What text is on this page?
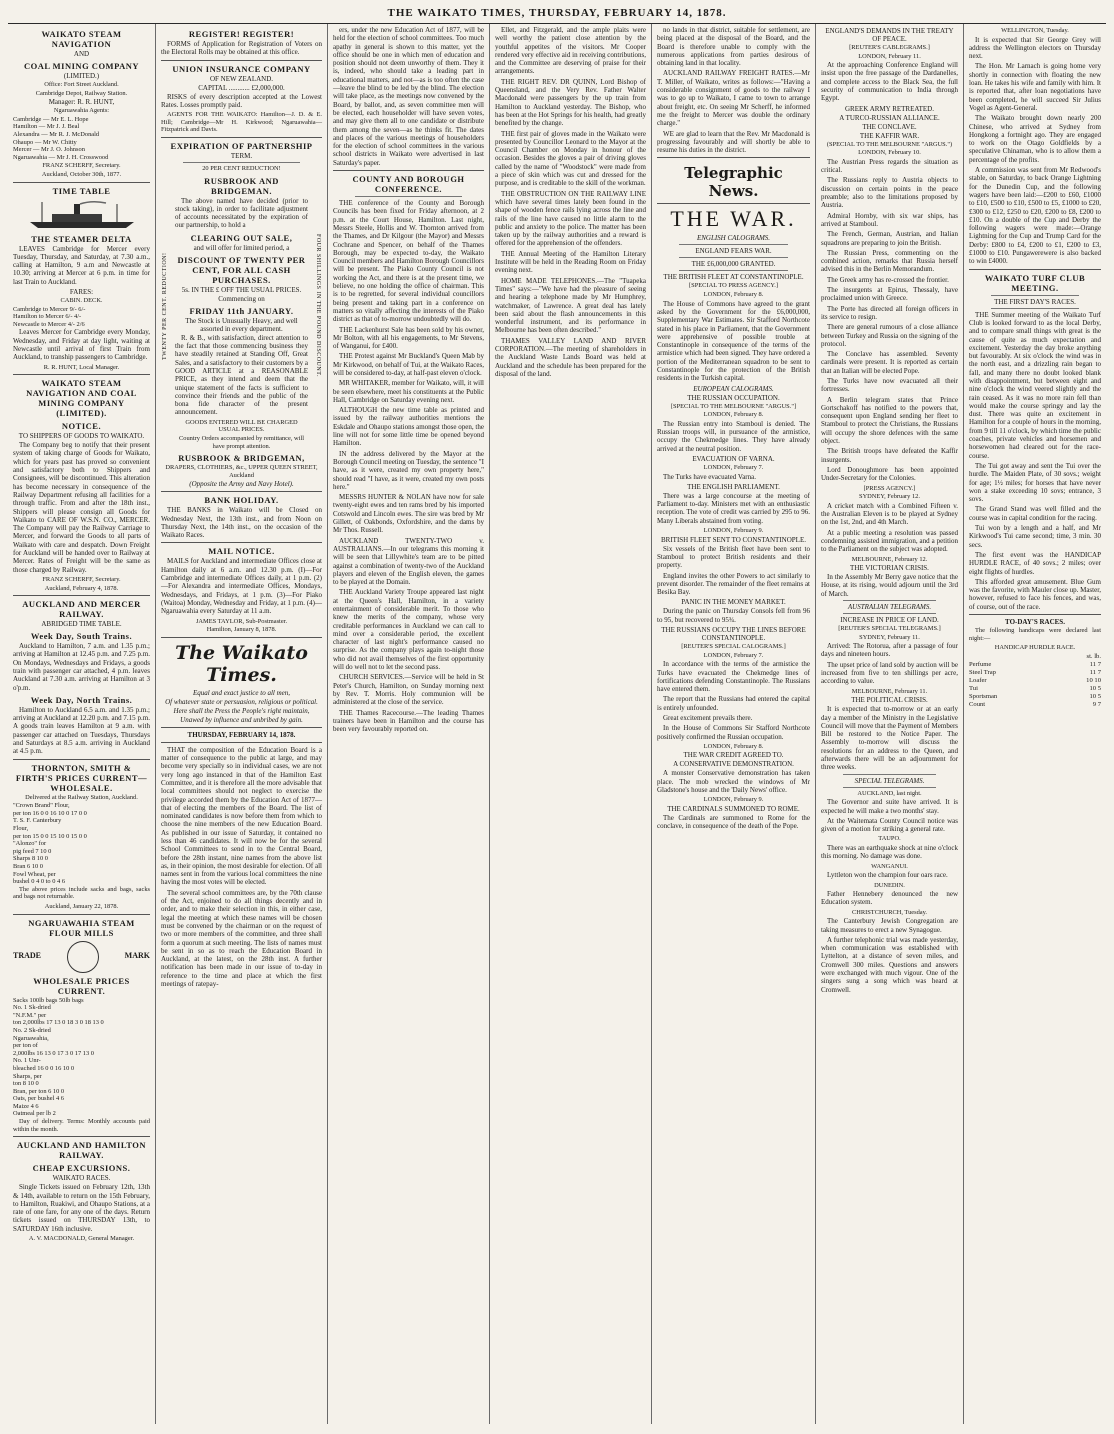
THE WAIKATO TIMES, THURSDAY, FEBRUARY 14, 1878.
WAIKATO STEAM NAVIGATION
AND
COAL MINING COMPANY
(LIMITED.)
Office: Fort Street Auckland.
Cambridge Depot, Railway Station.
Manager: R. R. HUNT,
Ngaruawahia Agents:
Cambridge — Mr E. L. Hope
Hamilton — Mr J. J. Beal
Alexandra — Mr R. J. McDonald
Ohaupo — Mr W. Chitty
Mercer — Mr J. O. Johnson
Ngaruawahia — Mr J. H. Crosswood
FRANZ SCHERFF, Secretary.
Auckland, October 30th, 1877.
TIME TABLE
THE STEAMER DELTA

LEAVES Cambridge for Mercer every Tuesday, Thursday, and Saturday, at 7.30 a.m., calling at Hamilton, 9 a.m and Newcastle at 10.30; arriving at Mercer at 6 p.m. in time for last Train to Auckland.

FARES:
CABIN. DECK.
Cambridge to Mercer 9/- 6/-
Hamilton to Mercer 6/- 4/-
Newcastle to Mercer 4/- 2/6

Leaves Mercer for Cambridge every Monday, Wednesday, and Friday at day light, waiting at Newcastle until arrival of first Train from Auckland, to tranship passengers to Cambridge.

R. R. HUNT, Local Manager.
WAIKATO STEAM NAVIGATION AND COAL MINING COMPANY (LIMITED).
NOTICE.
TO SHIPPERS OF GOODS TO WAIKATO.

The Company beg to notify that their present system of taking charge of Goods for Waikato, which for years past has proved so convenient and satisfactory both to Shippers and Consignees, will be discontinued. This alteration has become necessary in consequence of the Railway Department refusing all facilities for a through traffic. From and after the 18th inst., Shippers will please consign all Goods for Waikato to CARE OF W.S.N. CO., MERCER. The Company will pay the Railway Carriage to Mercer, and forward the Goods to all parts of Waikato with care and despatch. Down Freight for Auckland will be handed over to Railway at Mercer. Rates of Freight will be the same as those charged by Railway.

FRANZ SCHERFF, Secretary.
Auckland, February 4, 1878.
AUCKLAND AND MERCER RAILWAY.
ABRIDGED TIME TABLE.
Week Day, South Trains.

Auckland to Hamilton, 7 a.m. and 1.35 p.m.; arriving at Hamilton at 12.45 p.m. and 7.25 p.m. On Mondays, Wednesdays and Fridays, a goods train with passenger car attached, 4 p.m. leaves Auckland at 7.30 a.m. arriving at Hamilton at 3 o'p.m.

Week Day, North Trains.

Hamilton to Auckland 6.5 a.m. and 1.35 p.m.; arriving at Auckland at 12.20 p.m. and 7.15 p.m. A goods train leaves Hamilton at 9 a.m. with passenger car attached on Tuesdays, Thursdays and Saturdays at 8.5 a.m. arriving in Auckland at 4.5 p.m.

THORNTON, SMITH & FIRTH'S PRICES CURRENT—WHOLESALE.
Delivered at the Railway Station, Auckland.
"Crown Brand" Flour,
per ton 16 0 0 16 10 0 17 0 0
T. S. F. Canterbury
Flour,
per ton 15 0 0 15 10 0 15 0 0
"Alonzo" for
pig feed 7 10 0
Sharps 8 10 0
Bran 6 10 0
Fowl Wheat, per
bushel 0 4 0 to 0 4 6

The above prices include sacks and bags, sacks and bags not returnable.

Auckland, January 22, 1878.
NGARUAWAHIA STEAM FLOUR MILLS
TRADE	MARK
WHOLESALE PRICES CURRENT.
Sacks 100lb bags 50lb bags
No. 1 Sk-dried
"N.F.M." per
ton 2,000lbs 17 13 0 18 3 0 18 13 0
No. 2 Sk-dried
Ngaruawahia,
per ton of
2,000lbs 16 13 0 17 3 0 17 13 0
No. 1 Unr-
bleached 16 0 0 16 10 0
Sharps, per
ton 8 10 0
Bran, per ton 6 10 0
Oats, per bushel 4 6
Maize 4 6
Oatmeal per lb 2

Day of delivery. Terms: Monthly accounts paid within the month.

AUCKLAND AND HAMILTON RAILWAY.
CHEAP EXCURSIONS.
WAIKATO RACES.

Single Tickets issued on February 12th, 13th & 14th, available to return on the 15th February, to Hamilton, Ruakiwi, and Ohaupo Stations, at a rate of one fare, for any one of the days. Return tickets issued on THURSDAY 13th, to SATURDAY 16th inclusive.

A. V. MACDONALD, General Manager.
REGISTER! REGISTER!

FORMS of Application for Registration of Voters on the Electoral Rolls may be obtained at this office.

UNION INSURANCE COMPANY
OF NEW ZEALAND.
CAPITAL ............ £2,000,000.

RISKS of every description accepted at the Lowest Rates. Losses promptly paid.

AGENTS FOR THE WAIKATO: Hamilton—J. D. & E. Hill; Cambridge—Mr H. Kirkwood; Ngaruawahia—Fitzpatrick and Davis.

EXPIRATION OF PARTNERSHIP
TERM.
20 PER CENT REDUCTION!
TWENTY PER CENT. REDUCTION!	FOUR SHILLINGS IN THE POUND DISCOUNT.
RUSBROOK AND BRIDGEMAN.

The above named have decided (prior to stock taking), in order to facilitate adjustment of accounts necessitated by the expiration of our partnership, to hold a

CLEARING OUT SALE,
and will offer for limited period, a
DISCOUNT OF TWENTY PER CENT, FOR ALL CASH PURCHASES.
5s. IN THE £ OFF THE USUAL PRICES.
Commencing on
FRIDAY 11th JANUARY.
The Stock is Unusually Heavy, and well assorted in every department.

R. & B., with satisfaction, direct attention to the fact that those commencing business they have steadily retained at Standing Off, Great Sales, and a satisfactory to their customers by a GOOD ARTICLE at a REASONABLE PRICE, as they intend and deem that the unique statement of the facts is sufficient to convince their friends and the public of the bona fide character of the present announcement.

GOODS ENTERED WILL BE CHARGED USUAL PRICES.
Country Orders accompanied by remittance, will have prompt attention.
RUSBROOK & BRIDGEMAN,
DRAPERS, CLOTHIERS, &c., UPPER QUEEN STREET, Auckland
(Opposite the Army and Navy Hotel).
BANK HOLIDAY.

THE BANKS in Waikato will be Closed on Wednesday Next, the 13th inst., and from Noon on Thursday Next, the 14th inst., on the occasion of the Waikato Races.

MAIL NOTICE.

MAILS for Auckland and intermediate Offices close at Hamilton daily at 6 a.m. and 12.30 p.m. (I)—For Cambridge and intermediate Offices daily, at 1 p.m. (2)—For Alexandra and intermediate Offices, Mondays, Wednesdays, and Fridays, at 1 p.m. (3)—For Piako (Waitoa) Monday, Wednesday and Friday, at 1 p.m. (4)—Ngaruawahia every Saturday at 11 a.m.

JAMES TAYLOR, Sub-Postmaster.
Hamilton, January 8, 1878.
The Waikato Times.
Equal and exact justice to all men,
Of whatever state or persuasion, religious or political.
Here shall the Press the People's right maintain,
Unawed by influence and unbribed by gain.
THURSDAY, FEBRUARY 14, 1878.

THAT the composition of the Education Board is a matter of consequence to the public at large, and may become very specially so in individual cases, we are not very long ago instanced in that of the Hamilton East Committee, and it is therefore all the more advisable that local committees should not neglect to exercise the privilege accorded them by the Education Act of 1877—that of electing the members of the Board. The list of nominated candidates is now before them from which to choose the nine members of the new Education Board. As published in our issue of Saturday, it contained no less than 46 candidates. It will now be for the several School Committees to send in to the Central Board, before the 28th instant, nine names from the above list as, in their opinion, the most desirable for election. Of all names sent in from the various local committees the nine having the most votes will be elected.

The several school committees are, by the 70th clause of the Act, enjoined to do all things decently and in order, and to make their selection in this, in either case, legal the meeting at which these names will be chosen must be convened by the chairman or on the request of two or more members of the committee, and three shall form a quorum at such meeting. The lists of names must be sent in so as to reach the Education Board in Auckland, at the latest, on the 28th inst. A further notification has been made in our issue of to-day in reference to the time and place at which the first meetings of ratepay-

ers, under the new Education Act of 1877, will be held for the election of school committees. Too much apathy in general is shown to this matter, yet the office should be one in which men of education and position should not deem unworthy of them. They it is, indeed, who should take a leading part in educational matters, and not—as is too often the case—leave the blind to be led by the blind. The election will take place, as the meetings now convened by the Board, by ballot, and, as seven committee men will be elected, each householder will have seven votes, and may give them all to one candidate or distribute them among the seven—as he thinks fit. The dates and places of the various meetings of householders for the election of school committees in the various school districts in Waikato were advertised in last Saturday's paper.

COUNTY AND BOROUGH CONFERENCE.

THE conference of the County and Borough Councils has been fixed for Friday afternoon, at 2 p.m. at the Court House, Hamilton. Last night, Messrs Steele, Hollis and W. Thornton arrived from the Thames, and Dr Kilgour (the Mayor) and Messrs Cochrane and Spencer, on behalf of the Thames Borough, may be expected to-day, the Waikato Council members and Hamilton Borough Councillors will be present. The Piako County Council is not working the Act, and there is at the present time, we believe, no one holding the office of chairman. This is to be regretted, for several individual councillors being present and taking part in a conference on matters so vitally affecting the interests of the Piako district as that of to-morrow undoubtedly will do.

THE Lackenhurst Sale has been sold by his owner, Mr Bolton, with all his engagements, to Mr Stevens, of Wanganui, for £400.

THE Protest against Mr Buckland's Queen Mab by Mr Kirkwood, on behalf of Tui, at the Waikato Races, will be considered to-day, at half-past eleven o'clock.

MR WHITAKER, member for Waikato, will, it will be seen elsewhere, meet his constituents at the Public Hall, Cambridge on Saturday evening next.

ALTHOUGH the new time table as printed and issued by the railway authorities mentions the Eskdale and Ohaupo stations amongst those open, the line will not for some little time be opened beyond Hamilton.

IN the address delivered by the Mayor at the Borough Council meeting on Tuesday, the sentence "I have, as it were, created my own property here," should read "I have, as it were, created my own posts here."

MESSRS HUNTER & NOLAN have now for sale twenty-eight ewes and ten rams bred by his imported Cotswold and Lincoln ewes. The sire was bred by Mr Gillett, of Oakbonds, Oxfordshire, and the dams by Mr Thos. Russell.

AUCKLAND TWENTY-TWO v. AUSTRALIANS.—In our telegrams this morning it will be seen that Lillywhite's team are to be pitted against a combination of twenty-two of the Auckland players and eleven of the English eleven, the games to be played at the Domain.

THE Auckland Variety Troupe appeared last night at the Queen's Hall, Hamilton, in a variety entertainment of considerable merit. To those who knew the merits of the company, whose very creditable performances in Auckland we can call to mind over a considerable period, the excellent character of last night's performance caused no surprise. As the company plays again to-night those who did not avail themselves of the first opportunity will do well not to let the second pass.

CHURCH SERVICES.—Service will be held in St Peter's Church, Hamilton, on Sunday morning next by Rev. T. Morris. Holy communion will be administered at the close of the service.

THE Thames Racecourse.—The leading Thames trainers have been in Hamilton and the course has been very favourably reported on.

Ellet, and Fitzgerald, and the ample plaits were well worthy the patient close attention by the youthful appetites of the visitors. Mr Cooper rendered very effective aid in receiving contributions, and the Committee are deserving of praise for their arrangements.

THE RIGHT REV. DR QUINN, Lord Bishop of Queensland, and the Very Rev. Father Walter Macdonald were passengers by the up train from Hamilton to Auckland yesterday. The Bishop, who has been at the Hot Springs for his health, had greatly benefited by the change.

THE first pair of gloves made in the Waikato were presented by Councillor Leonard to the Mayor at the Council Chamber on Monday in honour of the occasion. Besides the gloves a pair of driving gloves called by the name of "Woodstock" were made from a piece of skin which was cut and dressed for the purpose, and is creditable to the skill of the workman.

THE OBSTRUCTION ON THE RAILWAY LINE which have several times lately been found in the shape of wooden fence rails lying across the line and rails of the line have caused no little alarm to the public and anxiety to the police. The matter has been taken up by the railway authorities and a reward is offered for the apprehension of the offenders.

THE Annual Meeting of the Hamilton Literary Institute will be held in the Reading Room on Friday evening next.

HOME MADE TELEPHONES.—The "Tuapeka Times" says:—"We have had the pleasure of seeing and hearing a telephone made by Mr Humphrey, watchmaker, of Lawrence. A great deal has lately been said about the flash announcements in this wonderful instrument, and its performance in Melbourne has been often described."

THAMES VALLEY LAND AND RIVER CORPORATION.—The meeting of shareholders in the Auckland Waste Lands Board was held at Auckland and the schedule has been prepared for the disposal of the land.

no lands in that district, suitable for settlement, are being placed at the disposal of the Board, and the Board is therefore unable to comply with the numerous applications from parties desirous of obtaining land in that locality.

AUCKLAND RAILWAY FREIGHT RATES.—Mr T. Miller, of Waikato, writes as follows:—"Having a considerable consignment of goods to the railway I was to go up to Waikato, I came to town to arrange about freight, etc. On seeing Mr Scherff, he informed me the freight to Mercer was double the ordinary charge."

WE are glad to learn that the Rev. Mr Macdonald is progressing favourably and will shortly be able to resume his duties in the district.

Telegraphic News.
THE WAR.
ENGLISH CALOGRAMS.
ENGLAND FEARS WAR.
THE £6,000,000 GRANTED.
THE BRITISH FLEET AT CONSTANTINOPLE.
[SPECIAL TO PRESS AGENCY.]
LONDON, February 8.

The House of Commons have agreed to the grant asked by the Government for the £6,000,000, Supplementary War Estimates. Sir Stafford Northcote stated in his place in Parliament, that the Government were apprehensive of possible trouble at Constantinople in consequence of the terms of the armistice which had been signed. They have ordered a portion of the Mediterranean squadron to be sent to Constantinople for the protection of the British residents in the Turkish capital.

EUROPEAN CALOGRAMS.
THE RUSSIAN OCCUPATION.
[SPECIAL TO THE MELBOURNE "ARGUS."]
LONDON, February 8.

The Russian entry into Stamboul is denied. The Russian troops will, in pursuance of the armistice, occupy the Chekmedge lines. They have already arrived at the neutral position.

EVACUATION OF VARNA.
LONDON, February 7.

The Turks have evacuated Varna.

THE ENGLISH PARLIAMENT.

There was a large concourse at the meeting of Parliament to-day. Ministers met with an enthusiastic reception. The vote of credit was carried by 295 to 96. Many Liberals abstained from voting.

LONDON, February 9.
BRITISH FLEET SENT TO CONSTANTINOPLE.

Six vessels of the British fleet have been sent to Stamboul to protect British residents and their property.

England invites the other Powers to act similarly to prevent disorder. The remainder of the fleet remains at Besika Bay.

PANIC IN THE MONEY MARKET.

During the panic on Thursday Consols fell from 96 to 95, but recovered to 95¾.

THE RUSSIANS OCCUPY THE LINES BEFORE CONSTANTINOPLE.
[REUTER'S SPECIAL CALOGRAMS.]
LONDON, February 7.

In accordance with the terms of the armistice the Turks have evacuated the Chekmedge lines of fortifications defending Constantinople. The Russians have entered them.

The report that the Russians had entered the capital is entirely unfounded.

Great excitement prevails there.

In the House of Commons Sir Stafford Northcote positively confirmed the Russian occupation.

LONDON, February 8.
THE WAR CREDIT AGREED TO.
A CONSERVATIVE DEMONSTRATION.

A monster Conservative demonstration has taken place. The mob wrecked the windows of Mr Gladstone's house and the 'Daily News' office.

LONDON, February 9.
THE CARDINALS SUMMONED TO ROME.

The Cardinals are summoned to Rome for the conclave, in consequence of the death of the Pope.

ENGLAND'S DEMANDS IN THE TREATY OF PEACE.
[REUTER'S CABLEGRAMS.]
LONDON, February 11.

At the approaching Conference England will insist upon the free passage of the Dardanelles, and complete access to the Black Sea, the full security of communication to India through Egypt.

GREEK ARMY RETREATED.
A TURCO-RUSSIAN ALLIANCE.
THE CONCLAVE.
THE KAFFIR WAR.
(SPECIAL TO THE MELBOURNE "ARGUS.")
LONDON, February 10.

The Austrian Press regards the situation as critical.

The Russians reply to Austria objects to discussion on certain points in the peace preamble; also to the limitations proposed by Austria.

Admiral Hornby, with six war ships, has arrived at Stamboul.

The French, German, Austrian, and Italian squadrons are preparing to join the British.

The Russian Press, commenting on the combined action, remarks that Russia herself advised this in the Berlin Memorandum.

The Greek army has re-crossed the frontier.

The insurgents at Epirus, Thessaly, have proclaimed union with Greece.

The Porte has directed all foreign officers in its service to resign.

There are general rumours of a close alliance between Turkey and Russia on the signing of the protocol.

The Conclave has assembled. Seventy cardinals were present. It is reported as certain that an Italian will be elected Pope.

The Turks have now evacuated all their fortresses.

A Berlin telegram states that Prince Gortschakoff has notified to the powers that, consequent upon England sending her fleet to Stamboul to protect the Christians, the Russians will occupy the shore defences with the same object.

The British troops have defeated the Kaffir insurgents.

Lord Donoughmore has been appointed Under-Secretary for the Colonies.

[PRESS AGENCY.]
SYDNEY, February 12.

A cricket match with a Combined Fifteen v. the Australian Eleven is to be played at Sydney on the 1st, 2nd, and 4th March.

At a public meeting a resolution was passed condemning assisted immigration, and a petition to the Parliament on the subject was adopted.

MELBOURNE, February 12.
THE VICTORIAN CRISIS.

In the Assembly Mr Berry gave notice that the House, at its rising, would adjourn until the 3rd of March.

AUSTRALIAN TELEGRAMS.
INCREASE IN PRICE OF LAND.
[REUTER'S SPECIAL TELEGRAMS.]
SYDNEY, February 11.

Arrived: The Rotorua, after a passage of four days and nineteen hours.

The upset price of land sold by auction will be increased from five to ten shillings per acre, according to value.

MELBOURNE, February 11.
THE POLITICAL CRISIS.

It is expected that to-morrow or at an early day a member of the Ministry in the Legislative Council will move that the Payment of Members Bill be restored to the Notice Paper. The Assembly to-morrow will discuss the resolutions for an address to the Queen, and afterwards there will be an adjournment for three weeks.

SPECIAL TELEGRAMS.
AUCKLAND, last night.

The Governor and suite have arrived. It is expected he will make a two months' stay.

At the Waitemata County Council notice was given of a motion for striking a general rate.

TAUPO.

There was an earthquake shock at nine o'clock this morning. No damage was done.

WANGANUI.

Lyttleton won the champion four oars race.

DUNEDIN.

Father Hennebery denounced the new Education system.

CHRISTCHURCH, Tuesday.

The Canterbury Jewish Congregation are taking measures to erect a new Synagogue.

A further telephonic trial was made yesterday, when communication was established with Lyttelton, at a distance of seven miles, and Cromwell 300 miles. Questions and answers were exchanged with much vigour. One of the singers sung a song which was heard at Cromwell.

WELLINGTON, Tuesday.

It is expected that Sir George Grey will address the Wellington electors on Thursday next.

The Hon. Mr Larnach is going home very shortly in connection with floating the new loan. He takes his wife and family with him. It is reported that, after loan negotiations have been completed, he will succeed Sir Julius Vogel as Agent-General.

The Waikato brought down nearly 200 Chinese, who arrived at Sydney from Hongkong a fortnight ago. They are engaged to work on the Otago Goldfields by a speculative Chinaman, who is to allow them a percentage of the profits.

A commission was sent from Mr Redwood's stable, on Saturday, to back Orange Lightning for the Dunedin Cup, and the following wagers have been laid:—£200 to £60, £1000 to £10, £500 to £10, £500 to £5, £1000 to £20, £300 to £12, £250 to £20, £200 to £8, £200 to £10. On a double of the Cup and Derby the following wagers were made:—Orange Lightning for the Cup and Trump Card for the Derby: £800 to £4, £200 to £1, £200 to £3, £1000 to £10. Pungawerewere is also backed to win £4000.

WAIKATO TURF CLUB MEETING.
THE FIRST DAY'S RACES.

THE Summer meeting of the Waikato Turf Club is looked forward to as the local Derby, and to compare small things with great is the cause of quite as much expectation and excitement. Yesterday the day broke anything but favourably. At six o'clock the wind was in the north east, and a drizzling rain began to fall, and many there no doubt looked blank with disappointment, but between eight and nine o'clock the wind veered slightly and the rain ceased. As it was no more rain fell than would make the course springy and lay the dust. There was quite an excitement in Hamilton for a couple of hours in the morning, from 9 till 11 o'clock, by which time the public coaches, private vehicles and horsemen and horsewomen had cleared out for the race-course.

The Tui got away and sent the Tui over the hurdle. The Maiden Plate, of 30 sovs.; weight for age; 1½ miles; for horses that have never won a stake exceeding 10 sovs; entrance, 3 sovs.

The Grand Stand was well filled and the course was in capital condition for the racing.

Tui won by a length and a half, and Mr Kirkwood's Tui came second; time, 3 min. 30 secs.

The first event was the HANDICAP HURDLE RACE, of 40 sovs.; 2 miles; over eight flights of hurdles.

This afforded great amusement. Blue Gum was the favorite, with Mauler close up. Master, however, refused to face his fences, and was, of course, out of the race.

TO-DAY'S RACES.

The following handicaps were declared last night:—

HANDICAP HURDLE RACE.
st. lb.
Perfume	11 7
Steel Trap	11 7
Loafer	10 10
Tui	10 5
Sportsman	10 5
Count	9 7
